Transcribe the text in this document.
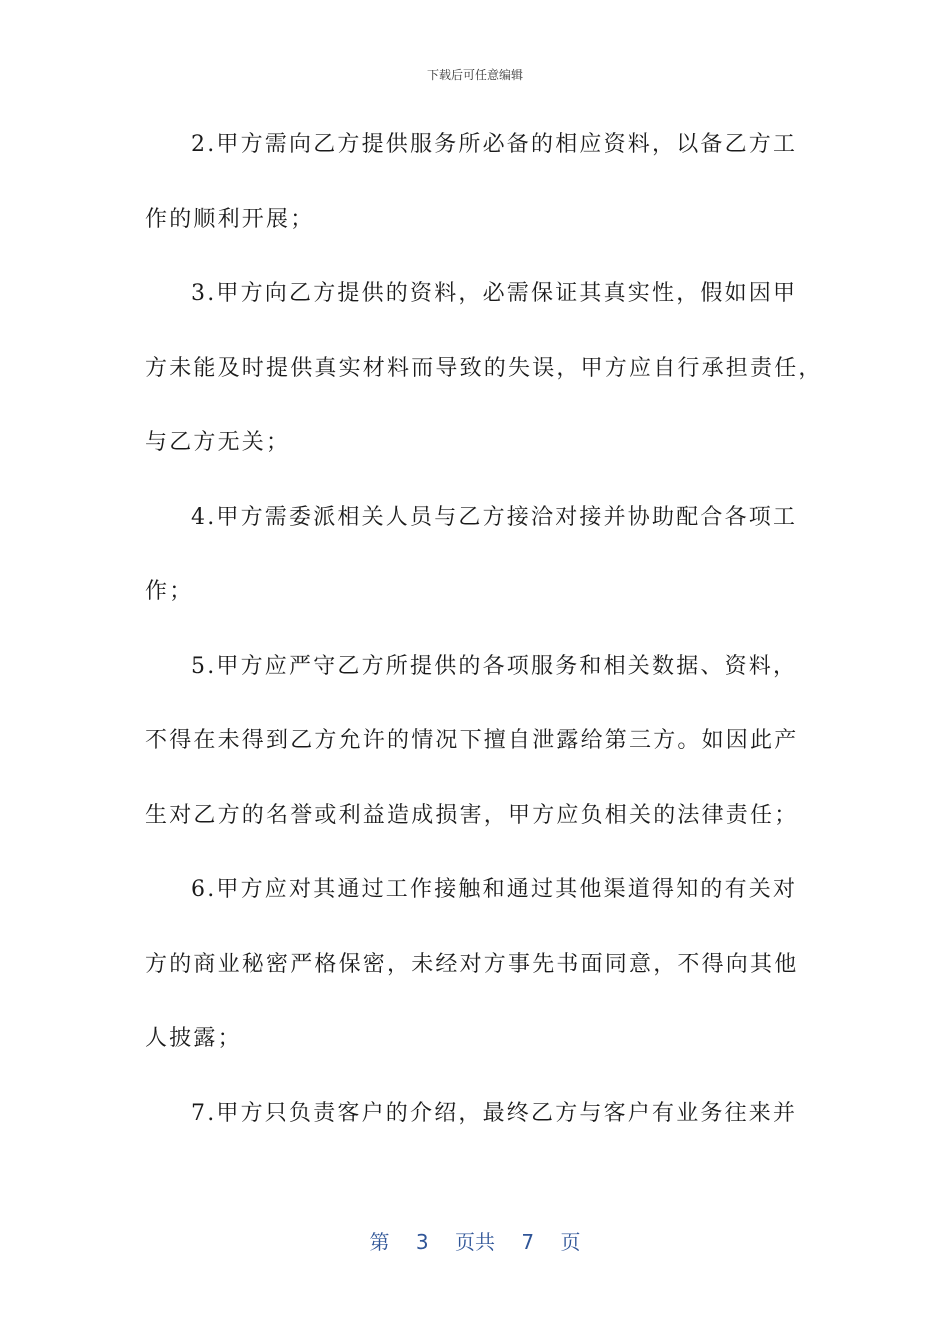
下载后可任意编辑
2.甲方需向乙方提供服务所必备的相应资料，以备乙方工
作的顺利开展；
3.甲方向乙方提供的资料，必需保证其真实性，假如因甲
方未能及时提供真实材料而导致的失误，甲方应自行承担责任，
与乙方无关；
4.甲方需委派相关人员与乙方接洽对接并协助配合各项工
作；
5.甲方应严守乙方所提供的各项服务和相关数据、资料，
不得在未得到乙方允许的情况下擅自泄露给第三方。如因此产
生对乙方的名誉或利益造成损害，甲方应负相关的法律责任；
6.甲方应对其通过工作接触和通过其他渠道得知的有关对
方的商业秘密严格保密，未经对方事先书面同意，不得向其他
人披露；
7.甲方只负责客户的介绍，最终乙方与客户有业务往来并
第 3 页共 7 页
